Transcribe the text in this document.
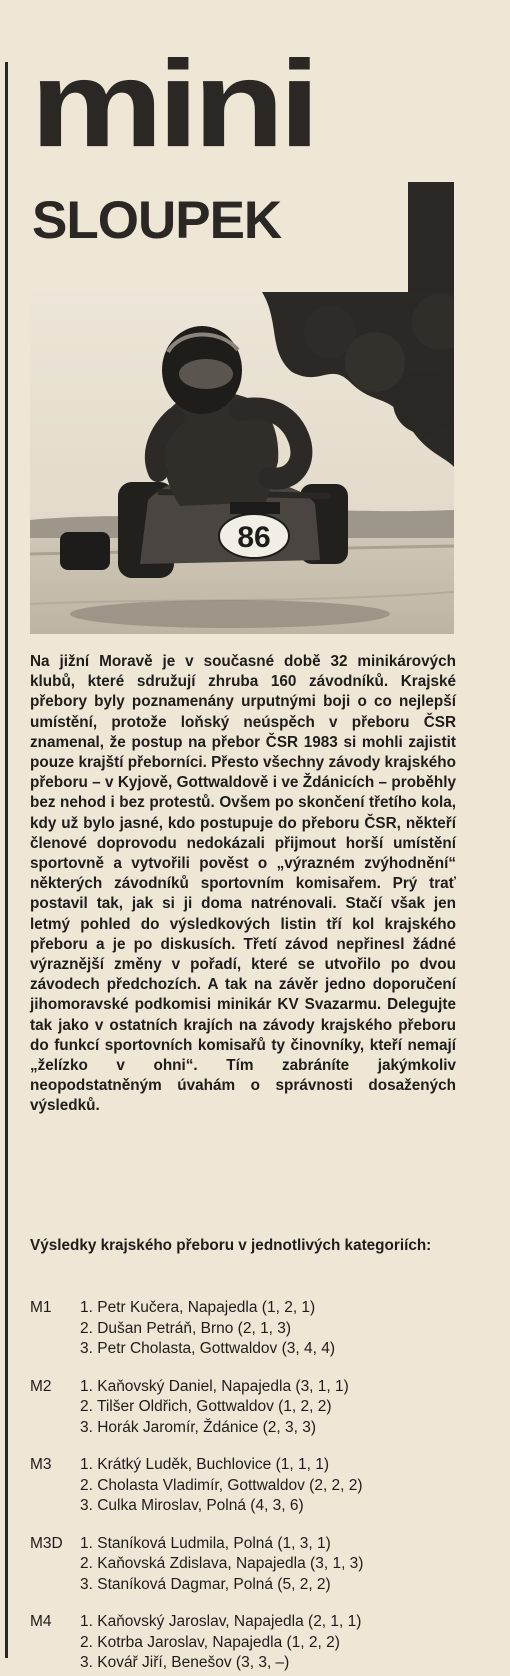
mini
SLOUPEK
86
Na jižní Moravě je v současné době 32 minikárových klubů, které sdružují zhruba 160 závodníků. Krajské přebory byly poznamenány urputnými boji o co nejlepší umístění, protože loňský neúspěch v přeboru ČSR znamenal, že postup na přebor ČSR 1983 si mohli zajistit pouze krajští přeborníci. Přesto všechny závody krajského přeboru – v Kyjově, Gottwaldově i ve Ždánicích – proběhly bez nehod i bez protestů. Ovšem po skončení třetího kola, kdy už bylo jasné, kdo postupuje do přeboru ČSR, někteří členové doprovodu nedokázali přijmout horší umístění sportovně a vytvořili pověst o „výrazném zvýhodnění“ některých závodníků sportovním komisařem. Prý trať postavil tak, jak si ji doma natrénovali. Stačí však jen letmý pohled do výsledkových listin tří kol krajského přeboru a je po diskusích. Třetí závod nepřinesl žádné výraznější změny v pořadí, které se utvořilo po dvou závodech předchozích. A tak na závěr jedno doporučení jihomoravské podkomisi minikár KV Svazarmu. Delegujte tak jako v ostatních krajích na závody krajského přeboru do funkcí sportovních komisařů ty činovníky, kteří nemají „želízko v ohni“. Tím zabráníte jakýmkoliv neopodstatněným úvahám o správnosti dosažených výsledků.
Výsledky krajského přeboru v jednotlivých kategoriích:
M1	1. Petr Kučera, Napajedla (1, 2, 1)
2. Dušan Petráň, Brno (2, 1, 3)
3. Petr Cholasta, Gottwaldov (3, 4, 4)
M2	1. Kaňovský Daniel, Napajedla (3, 1, 1)
2. Tilšer Oldřich, Gottwaldov (1, 2, 2)
3. Horák Jaromír, Ždánice (2, 3, 3)
M3	1. Krátký Luděk, Buchlovice (1, 1, 1)
2. Cholasta Vladimír, Gottwaldov (2, 2, 2)
3. Culka Miroslav, Polná (4, 3, 6)
M3D	1. Staníková Ludmila, Polná (1, 3, 1)
2. Kaňovská Zdislava, Napajedla (3, 1, 3)
3. Staníková Dagmar, Polná (5, 2, 2)
M4	1. Kaňovský Jaroslav, Napajedla (2, 1, 1)
2. Kotrba Jaroslav, Napajedla (1, 2, 2)
3. Kovář Jiří, Benešov (3, 3, –)
